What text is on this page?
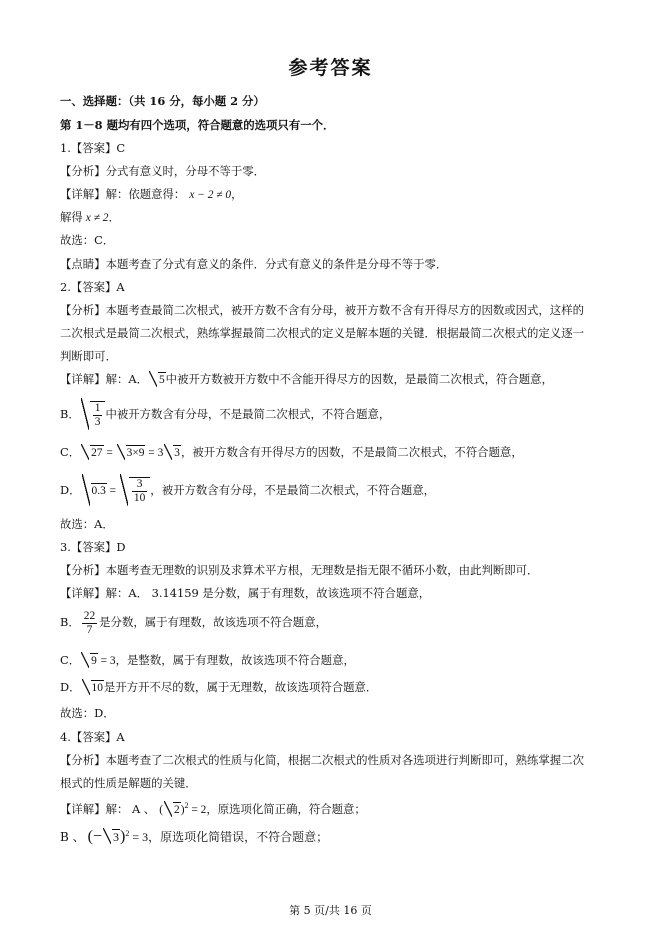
参考答案
一、选择题：（共 16 分，每小题 2 分）
第 1－8 题均有四个选项，符合题意的选项只有一个．
1.【答案】C
【分析】分式有意义时，分母不等于零．
【详解】解：依题意得： x − 2 ≠ 0，
解得 x ≠ 2．
故选：C．
【点睛】本题考查了分式有意义的条件．分式有意义的条件是分母不等于零．
2.【答案】A
【分析】本题考查最简二次根式，被开方数不含有分母，被开方数不含有开得尽方的因数或因式，这样的
二次根式是最简二次根式，熟练掌握最简二次根式的定义是解本题的关键．根据最简二次根式的定义逐一
判断即可．
【详解】解：A． 5中被开方数被开方数中不含能开得尽方的因数，是最简二次根式，符合题意，
B． $\frac{1}{3}$ 中被开方数含有分母，不是最简二次根式，不符合题意，
C． 27 = 3×9 = 3 3，被开方数含有开得尽方的因数，不是最简二次根式，不符合题意，
D． $0.3 = \frac{3}{10}$ ，被开方数含有分母，不是最简二次根式，不符合题意，
故选：A．
3.【答案】D
【分析】本题考查无理数的识别及求算术平方根，无理数是指无限不循环小数，由此判断即可．
【详解】解：A． 3.14159 是分数，属于有理数，故该选项不符合题意，
B． $\frac{22}{7}$ 是分数，属于有理数，故该选项不符合题意，
C． 9 = 3，是整数，属于有理数，故该选项不符合题意，
D． 10是开方开不尽的数，属于无理数，故该选项符合题意．
故选：D．
4.【答案】A
【分析】本题考查了二次根式的性质与化简，根据二次根式的性质对各选项进行判断即可，熟练掌握二次
根式的性质是解题的关键．
【详解】解： A 、 ( 2)$^2$ = 2，原选项化简正确，符合题意；
B 、 (− 3)$^2$ = 3，原选项化简错误，不符合题意；
第 5 页/共 16 页
